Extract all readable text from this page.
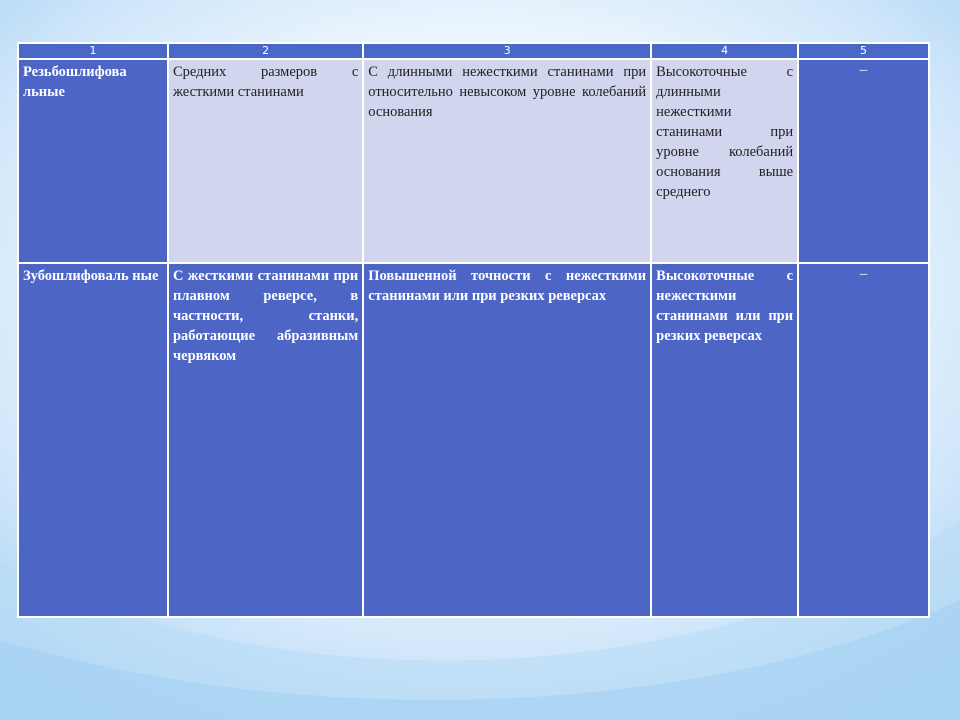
1	2	3	4	5

Резьбошлифова льные	Средних размеров с жесткими станинами	С длинными нежесткими станинами при относительно невысоком уровне колебаний основания	Высокоточные с длинными нежесткими станинами при уровне колебаний основания выше среднего	–

Зубошлифоваль ные	С жесткими станинами при плавном реверсе, в частности, станки, работающие абразивным червяком	Повышенной точности с нежесткими станинами или при резких реверсах	Высокоточные с нежесткими станинами или при резких реверсах	–
